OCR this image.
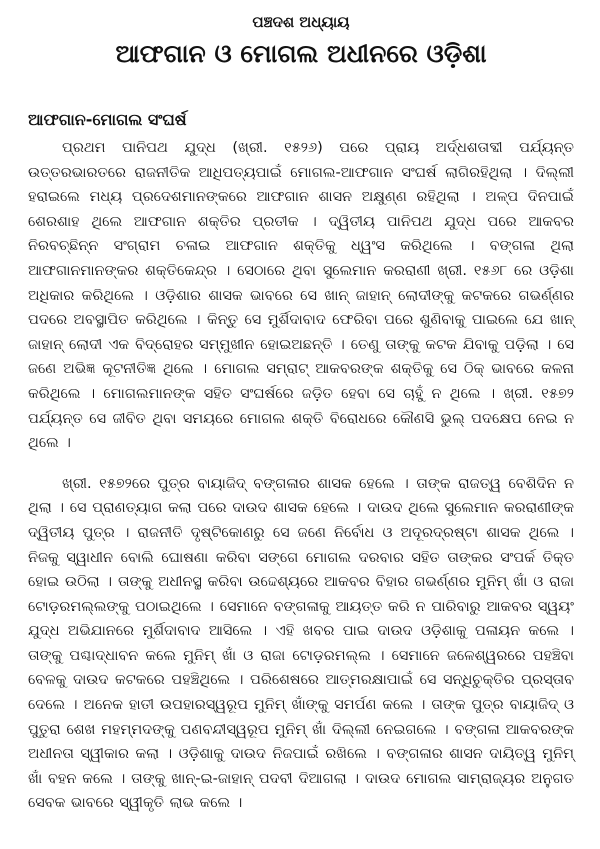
ପଞ୍ଚଦଶ ଅଧ୍ୟାୟ

ଆଫଗାନ ଓ ମୋଗଲ ଅଧୀନରେ ଓଡ଼ିଶା
ଆଫଗାନ-ମୋଗଲ ସଂଘର୍ଷ

ପ୍ରଥମ ପାନିପଥ ଯୁଦ୍ଧ (ଖ୍ରୀ. ୧୫୨୬) ପରେ ପ୍ରାୟ ଅର୍ଦ୍ଧଶତାବ୍ଦୀ ପର୍ଯ୍ୟନ୍ତ ଉତ୍ତରଭାରତରେ ରାଜନୀତିକ ଆଧିପତ୍ୟପାଇଁ ମୋଗଲ-ଆଫଗାନ ସଂଘର୍ଷ ଲାଗିରହିଥିଲା । ଦିଲ୍ଲୀ ହରାଇଲେ ମଧ୍ୟ ପ୍ରଦେଶମାନଙ୍କରେ ଆଫଗାନ ଶାସନ ଅକ୍ଷୁଣ୍ଣ ରହିଥିଲା । ଅଳ୍ପ ଦିନପାଇଁ ଶେରଶାହ ଥିଲେ ଆଫଗାନ ଶକ୍ତିର ପ୍ରତୀକ । ଦ୍ୱିତୀୟ ପାନିପଥ ଯୁଦ୍ଧ ପରେ ଆକବର ନିରବଚ୍ଛିନ୍ନ ସଂଗ୍ରାମ ଚଳାଇ ଆଫଗାନ ଶକ୍ତିକୁ ଧ୍ୱଂସ କରିଥିଲେ । ବଙ୍ଗଳା ଥିଲା ଆଫଗାନମାନଙ୍କର ଶକ୍ତିକେନ୍ଦ୍ର । ସେଠାରେ ଥିବା ସୁଲେମାନ କରରାଣୀ ଖ୍ରୀ. ୧୫୬୮ ରେ ଓଡ଼ିଶା ଅଧିକାର କରିଥିଲେ । ଓଡ଼ିଶାର ଶାସକ ଭାବରେ ସେ ଖାନ୍ ଜାହାନ୍ ଲୋଦୀଙ୍କୁ କଟକରେ ଗଭର୍ଣ୍ଣର ପଦରେ ଅବସ୍ଥାପିତ କରିଥିଲେ । କିନ୍ତୁ ସେ ମୁର୍ଶିଦାବାଦ ଫେରିବା ପରେ ଶୁଣିବାକୁ ପାଇଲେ ଯେ ଖାନ୍ ଜାହାନ୍ ଲୋଦୀ ଏକ ବିଦ୍ରୋହର ସମ୍ମୁଖୀନ ହୋଇଅଛନ୍ତି । ତେଣୁ ତାଙ୍କୁ କଟକ ଯିବାକୁ ପଡ଼ିଲା । ସେ ଜଣେ ଅଭିଜ୍ଞ କୂଟନୀତିଜ୍ଞ ଥିଲେ । ମୋଗଲ ସମ୍ରାଟ୍ ଆକବରଙ୍କ ଶକ୍ତିକୁ ସେ ଠିକ୍ ଭାବରେ କଳନା କରିଥିଲେ । ମୋଗଲମାନଙ୍କ ସହିତ ସଂଘର୍ଷରେ ଜଡ଼ିତ ହେବା ସେ ଚାହୁଁ ନ ଥିଲେ । ଖ୍ରୀ. ୧୫୭୨ ପର୍ଯ୍ୟନ୍ତ ସେ ଜୀବିତ ଥିବା ସମୟରେ ମୋଗଲ ଶକ୍ତି ବିରୋଧରେ କୌଣସି ଭୁଲ୍ ପଦକ୍ଷେପ ନେଇ ନ ଥିଲେ ।

ଖ୍ରୀ. ୧୫୭୨ରେ ପୁତ୍ର ବାୟାଜିଦ୍ ବଙ୍ଗଳାର ଶାସକ ହେଲେ । ତାଙ୍କ ରାଜତ୍ୱ ବେଶିଦିନ ନ ଥିଲା । ସେ ପ୍ରାଣତ୍ୟାଗ କଲା ପରେ ଦାଉଦ ଶାସକ ହେଲେ । ଦାଉଦ ଥିଲେ ସୁଲେମାନ କରରାଣୀଙ୍କ ଦ୍ୱିତୀୟ ପୁତ୍ର । ରାଜନୀତି ଦୃଷ୍ଟିକୋଣରୁ ସେ ଜଣେ ନିର୍ବୋଧ ଓ ଅଦୂରଦ୍ରଷ୍ଟା ଶାସକ ଥିଲେ । ନିଜକୁ ସ୍ୱାଧୀନ ବୋଲି ଘୋଷଣା କରିବା ସଙ୍ଗେ ମୋଗଲ ଦରବାର ସହିତ ତାଙ୍କର ସଂପର୍କ ତିକ୍ତ ହୋଇ ଉଠିଲା । ତାଙ୍କୁ ଅଧୀନସ୍ଥ କରିବା ଉଦ୍ଦେଶ୍ୟରେ ଆକବର ବିହାର ଗଭର୍ଣ୍ଣର ମୁନିମ୍ ଖାଁ ଓ ରାଜା ଟୋଡ଼ରମଲ୍ଲଙ୍କୁ ପଠାଇଥିଲେ । ସେମାନେ ବଙ୍ଗଳାକୁ ଆୟତ୍ତ କରି ନ ପାରିବାରୁ ଆକବର ସ୍ୱୟଂ ଯୁଦ୍ଧ ଅଭିଯାନରେ ମୁର୍ଶିଦାବାଦ ଆସିଲେ । ଏହି ଖବର ପାଇ ଦାଉଦ ଓଡ଼ିଶାକୁ ପଳାୟନ କଲେ । ତାଙ୍କୁ ପଶ୍ଚାଦ୍ଧାବନ କଲେ ମୁନିମ୍ ଖାଁ ଓ ରାଜା ଟୋଡ଼ରମଲ୍ଲ । ସେମାନେ ଜଳେଶ୍ୱରରେ ପହଞ୍ଚିବା ବେଳକୁ ଦାଉଦ କଟକରେ ପହଞ୍ଚିଥିଲେ । ପରିଶେଷରେ ଆତ୍ମରକ୍ଷାପାଇଁ ସେ ସନ୍ଧିଚୁକ୍ତିର ପ୍ରସ୍ତାବ ଦେଲେ । ଅନେକ ହାତୀ ଉପହାରସ୍ୱରୂପ ମୁନିମ୍ ଖାଁଙ୍କୁ ସମର୍ପଣ କଲେ । ତାଙ୍କ ପୁତ୍ର ବାୟାଜିଦ୍ ଓ ପୁତୁରା ଶେଖ ମହମ୍ମଦଙ୍କୁ ପଣବନ୍ଦୀସ୍ୱରୂପ ମୁନିମ୍ ଖାଁ ଦିଲ୍ଲୀ ନେଇଗଲେ । ବଙ୍ଗଳା ଆକବରଙ୍କ ଅଧୀନତା ସ୍ୱୀକାର କଲା । ଓଡ଼ିଶାକୁ ଦାଉଦ ନିଜପାଇଁ ରଖିଲେ । ବଙ୍ଗଳାର ଶାସନ ଦାୟିତ୍ୱ ମୁନିମ୍ ଖାଁ ବହନ କଲେ । ତାଙ୍କୁ ଖାନ୍-ଇ-ଜାହାନ୍ ପଦବୀ ଦିଆଗଲା । ଦାଉଦ ମୋଗଲ ସାମ୍ରାଜ୍ୟର ଅନୁଗତ ସେବକ ଭାବରେ ସ୍ୱୀକୃତି ଲାଭ କଲେ ।
